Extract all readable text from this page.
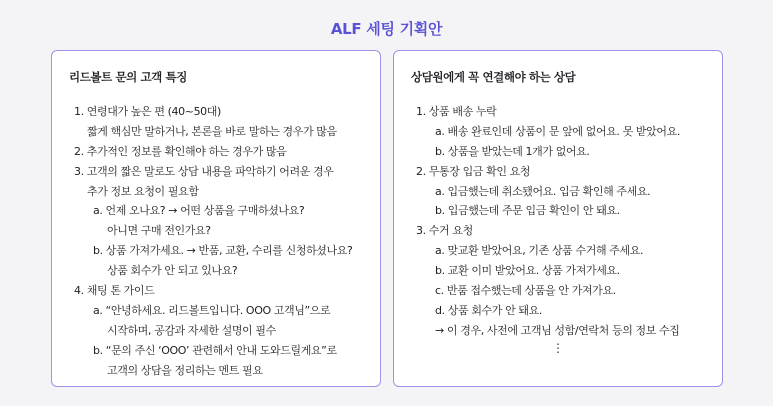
ALF 세팅 기획안
리드볼트 문의 고객 특징
1. 연령대가 높은 편 (40~50대)
짧게 핵심만 말하거나, 본론을 바로 말하는 경우가 많음
2. 추가적인 정보를 확인해야 하는 경우가 많음
3. 고객의 짧은 말로도 상담 내용을 파악하기 어려운 경우
추가 정보 요청이 필요함
a. 언제 오나요? → 어떤 상품을 구매하셨나요?
아니면 구매 전인가요?
b. 상품 가져가세요. → 반품, 교환, 수리를 신청하셨나요?
상품 회수가 안 되고 있나요?
4. 채팅 톤 가이드
a. “안녕하세요. 리드볼트입니다. OOO 고객님”으로
시작하며, 공감과 자세한 설명이 필수
b. “문의 주신 ‘OOO’ 관련해서 안내 도와드릴게요”로
고객의 상담을 정리하는 멘트 필요
상담원에게 꼭 연결해야 하는 상담
1. 상품 배송 누락
a. 배송 완료인데 상품이 문 앞에 없어요. 못 받았어요.
b. 상품을 받았는데 1개가 없어요.
2. 무통장 입금 확인 요청
a. 입금했는데 취소됐어요. 입금 확인해 주세요.
b. 입금했는데 주문 입금 확인이 안 돼요.
3. 수거 요청
a. 맞교환 받았어요, 기존 상품 수거해 주세요.
b. 교환 이미 받았어요. 상품 가져가세요.
c. 반품 접수했는데 상품을 안 가져가요.
d. 상품 회수가 안 돼요.
→ 이 경우, 사전에 고객님 성함/연락처 등의 정보 수집
⋮
